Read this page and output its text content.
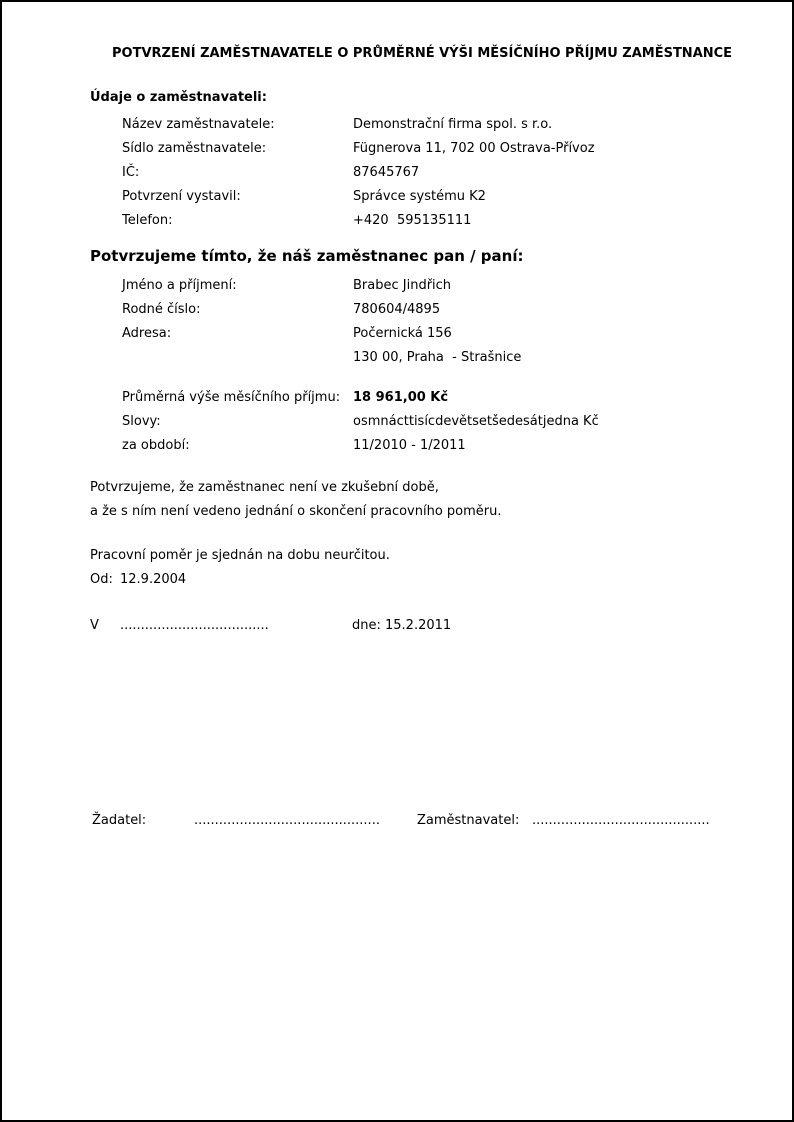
POTVRZENÍ ZAMĚSTNAVATELE O PRŮMĚRNÉ VÝŠI MĚSÍČNÍHO PŘÍJMU ZAMĚSTNANCE
Údaje o zaměstnavateli:
Název zaměstnavatele:	Demonstrační firma spol. s r.o.
Sídlo zaměstnavatele:	Fügnerova 11, 702 00 Ostrava-Přívoz
IČ:	87645767
Potvrzení vystavil:	Správce systému K2
Telefon:	+420  595135111
Potvrzujeme tímto, že náš zaměstnanec pan / paní:
Jméno a příjmení:	Brabec Jindřich
Rodné číslo:	780604/4895
Adresa:	Počernická 156
130 00, Praha  - Strašnice
Průměrná výše měsíčního příjmu: 18 961,00 Kč
Slovy:	osmnácttisícdevětsetšedesátjedna Kč
za období:	11/2010 - 1/2011
Potvrzujeme, že zaměstnanec není ve zkušební době,
a že s ním není vedeno jednání o skončení pracovního poměru.
Pracovní poměr je sjednán na dobu neurčitou.
Od: 12.9.2004
V ....................................	dne: 15.2.2011
Žadatel:	.............................................	Zaměstnavatel: ...........................................
